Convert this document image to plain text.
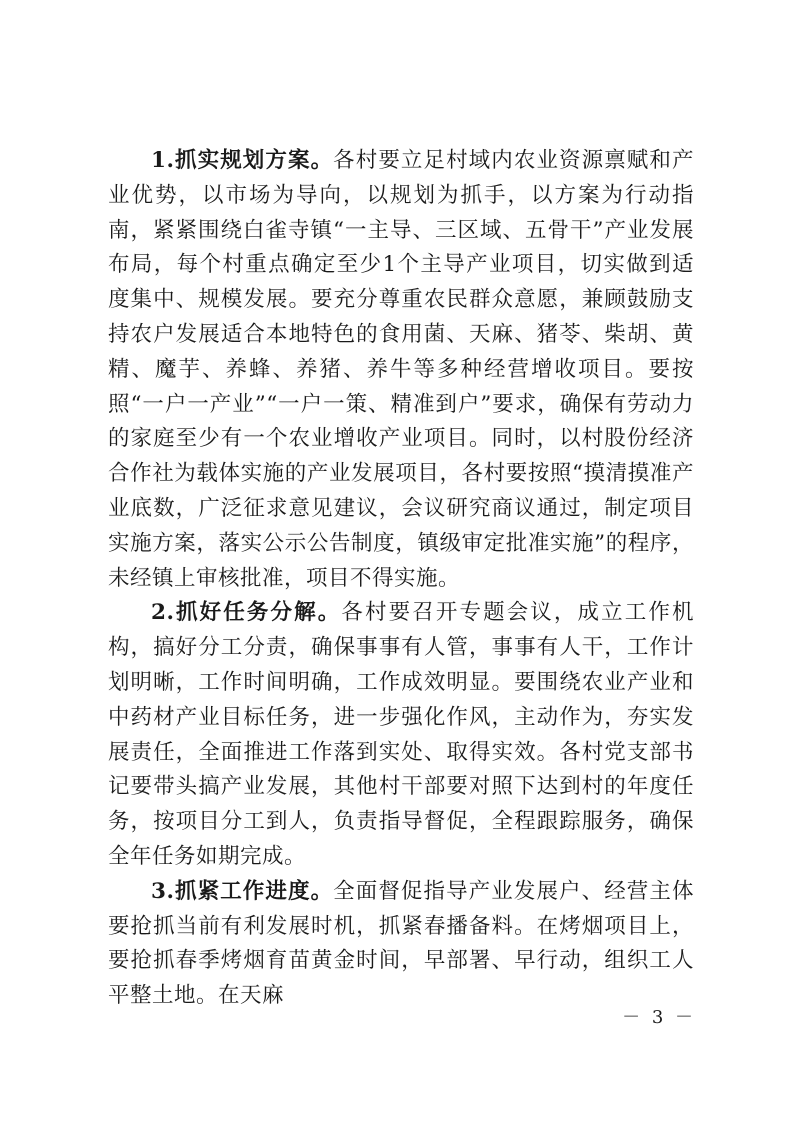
1.抓实规划方案。各村要立足村域内农业资源禀赋和产业优势，以市场为导向，以规划为抓手，以方案为行动指南，紧紧围绕白雀寺镇“一主导、三区域、五骨干”产业发展布局，每个村重点确定至少1个主导产业项目，切实做到适度集中、规模发展。要充分尊重农民群众意愿，兼顾鼓励支持农户发展适合本地特色的食用菌、天麻、猪苓、柴胡、黄精、魔芋、养蜂、养猪、养牛等多种经营增收项目。要按照“一户一产业”“一户一策、精准到户”要求，确保有劳动力的家庭至少有一个农业增收产业项目。同时，以村股份经济合作社为载体实施的产业发展项目，各村要按照“摸清摸准产业底数，广泛征求意见建议，会议研究商议通过，制定项目实施方案，落实公示公告制度，镇级审定批准实施”的程序，未经镇上审核批准，项目不得实施。

2.抓好任务分解。各村要召开专题会议，成立工作机构，搞好分工分责，确保事事有人管，事事有人干，工作计划明晰，工作时间明确，工作成效明显。要围绕农业产业和中药材产业目标任务，进一步强化作风，主动作为，夯实发展责任，全面推进工作落到实处、取得实效。各村党支部书记要带头搞产业发展，其他村干部要对照下达到村的年度任务，按项目分工到人，负责指导督促，全程跟踪服务，确保全年任务如期完成。

3.抓紧工作进度。全面督促指导产业发展户、经营主体要抢抓当前有利发展时机，抓紧春播备料。在烤烟项目上，要抢抓春季烤烟育苗黄金时间，早部署、早行动，组织工人平整土地。在天麻

－ 3 －
